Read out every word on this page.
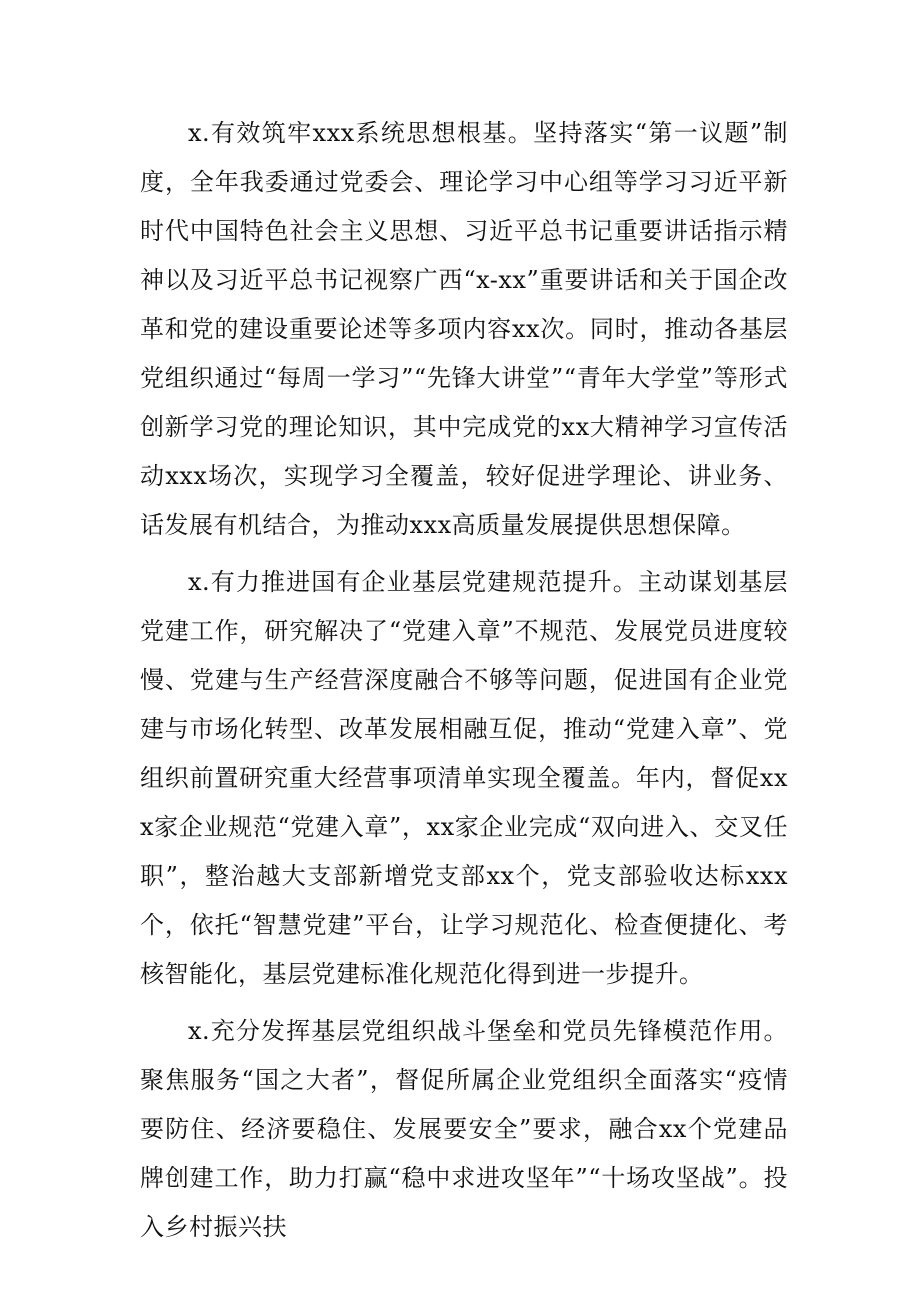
x.有效筑牢xxx系统思想根基。坚持落实“第一议题”制度，全年我委通过党委会、理论学习中心组等学习习近平新时代中国特色社会主义思想、习近平总书记重要讲话指示精神以及习近平总书记视察广西“x-xx”重要讲话和关于国企改革和党的建设重要论述等多项内容xx次。同时，推动各基层党组织通过“每周一学习”“先锋大讲堂”“青年大学堂”等形式创新学习党的理论知识，其中完成党的xx大精神学习宣传活动xxx场次，实现学习全覆盖，较好促进学理论、讲业务、话发展有机结合，为推动xxx高质量发展提供思想保障。

x.有力推进国有企业基层党建规范提升。主动谋划基层党建工作，研究解决了“党建入章”不规范、发展党员进度较慢、党建与生产经营深度融合不够等问题，促进国有企业党建与市场化转型、改革发展相融互促，推动“党建入章”、党组织前置研究重大经营事项清单实现全覆盖。年内，督促xxx家企业规范“党建入章”，xx家企业完成“双向进入、交叉任职”，整治越大支部新增党支部xx个，党支部验收达标xxx个，依托“智慧党建”平台，让学习规范化、检查便捷化、考核智能化，基层党建标准化规范化得到进一步提升。

x.充分发挥基层党组织战斗堡垒和党员先锋模范作用。聚焦服务“国之大者”，督促所属企业党组织全面落实“疫情要防住、经济要稳住、发展要安全”要求，融合xx个党建品牌创建工作，助力打赢“稳中求进攻坚年”“十场攻坚战”。投入乡村振兴扶
